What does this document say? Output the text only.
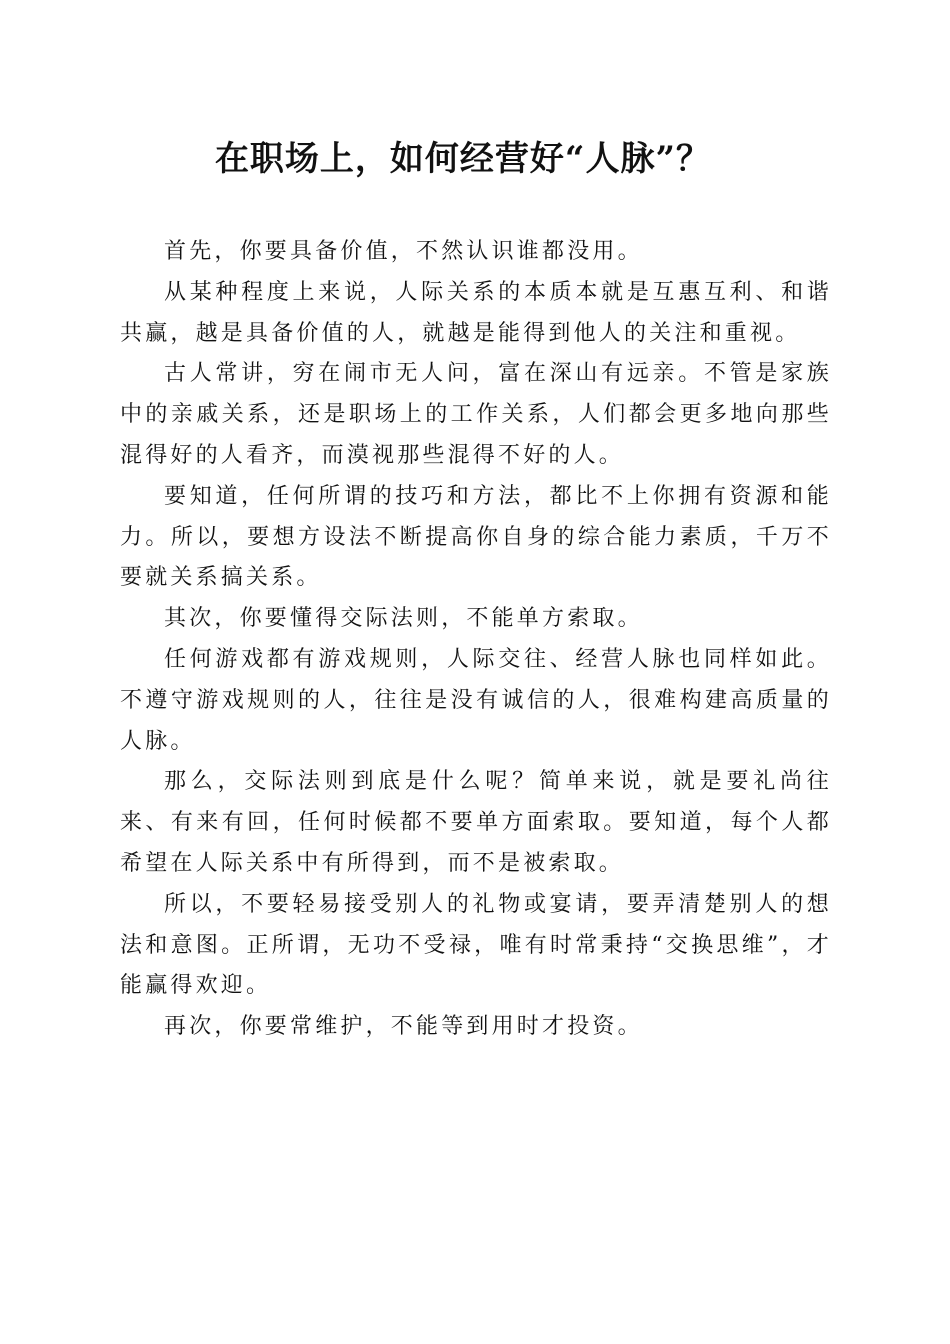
在职场上，如何经营好“人脉”？

首先，你要具备价值，不然认识谁都没用。

从某种程度上来说，人际关系的本质本就是互惠互利、和谐共赢，越是具备价值的人，就越是能得到他人的关注和重视。

古人常讲，穷在闹市无人问，富在深山有远亲。不管是家族中的亲戚关系，还是职场上的工作关系，人们都会更多地向那些混得好的人看齐，而漠视那些混得不好的人。

要知道，任何所谓的技巧和方法，都比不上你拥有资源和能力。所以，要想方设法不断提高你自身的综合能力素质，千万不要就关系搞关系。

其次，你要懂得交际法则，不能单方索取。

任何游戏都有游戏规则，人际交往、经营人脉也同样如此。不遵守游戏规则的人，往往是没有诚信的人，很难构建高质量的人脉。

那么，交际法则到底是什么呢？简单来说，就是要礼尚往来、有来有回，任何时候都不要单方面索取。要知道，每个人都希望在人际关系中有所得到，而不是被索取。

所以，不要轻易接受别人的礼物或宴请，要弄清楚别人的想法和意图。正所谓，无功不受禄，唯有时常秉持“交换思维”，才能赢得欢迎。

再次，你要常维护，不能等到用时才投资。
